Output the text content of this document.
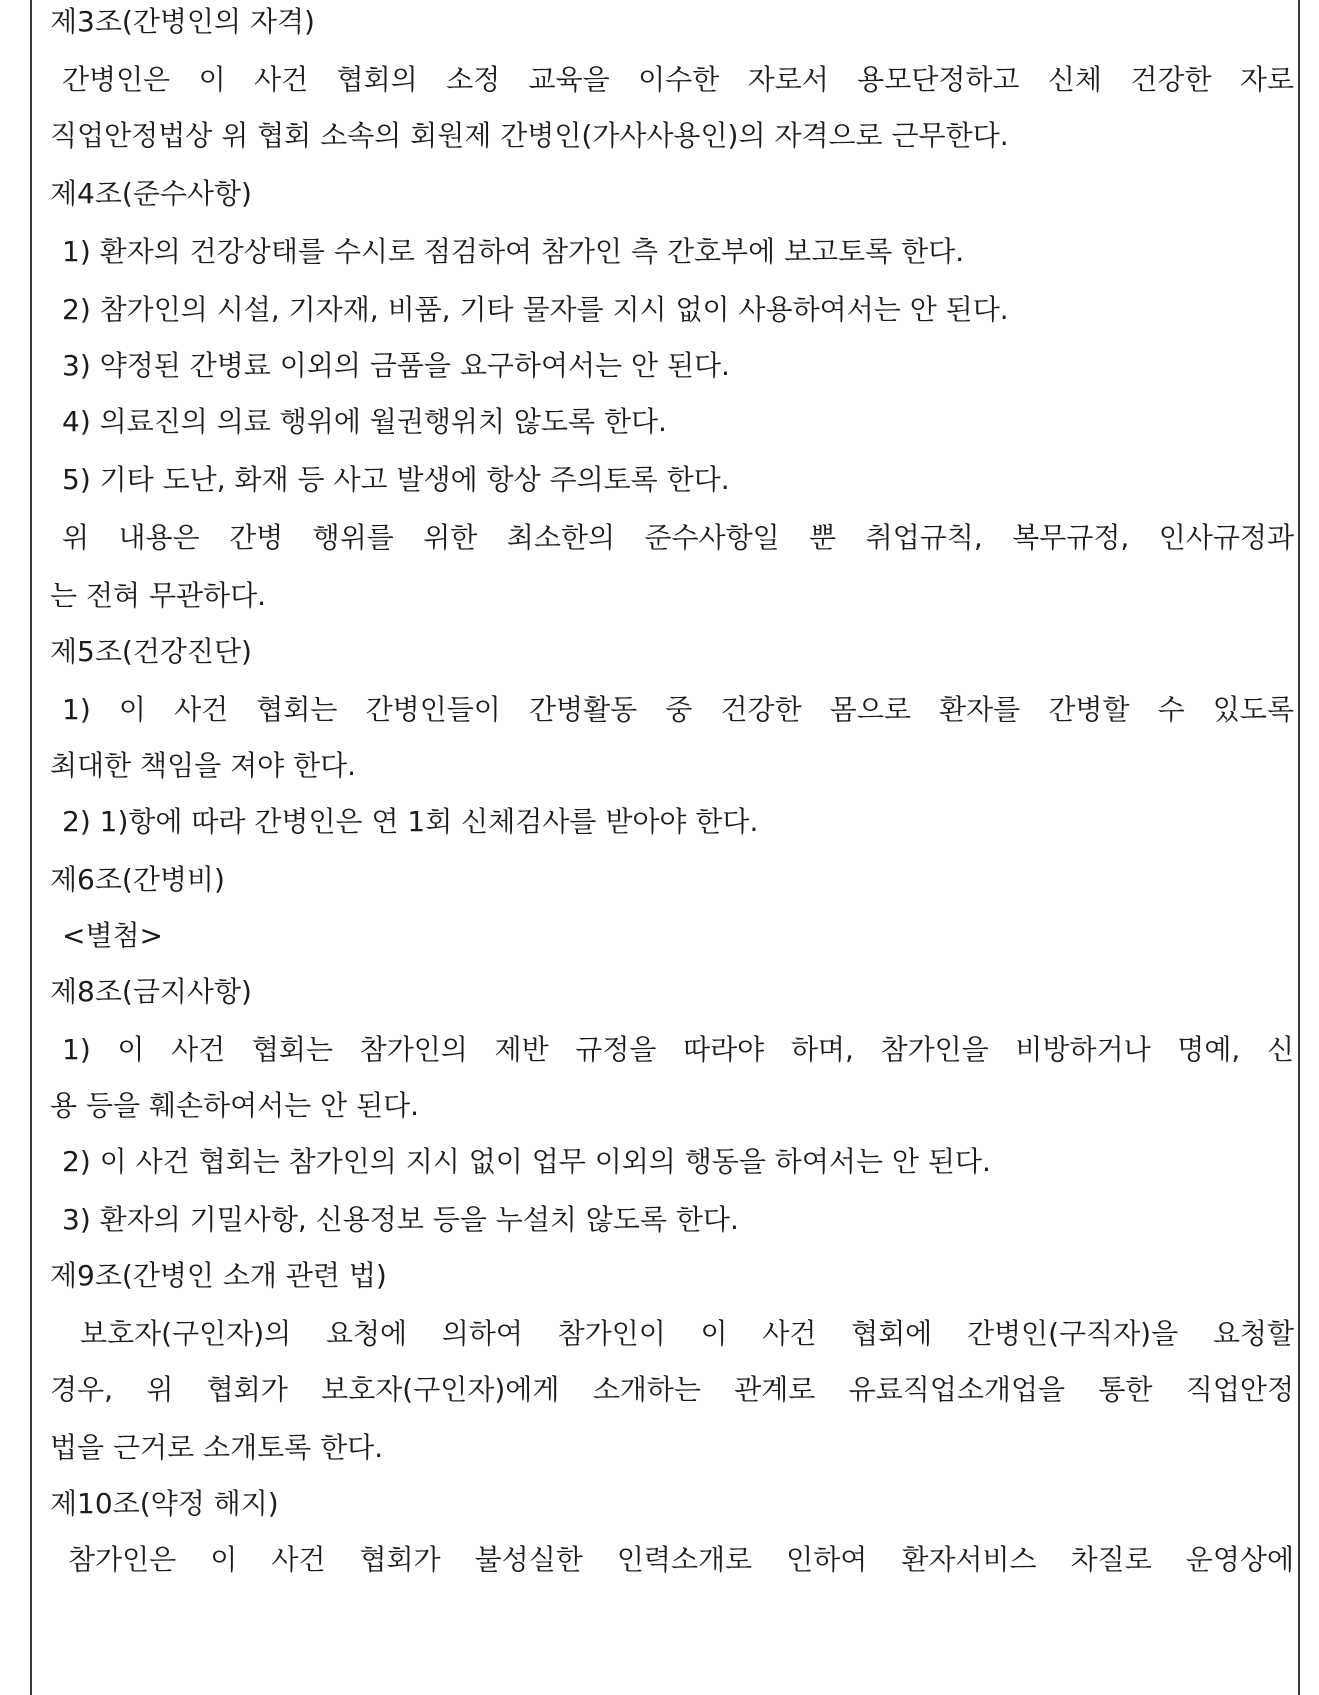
제3조(간병인의 자격)

간병인은 이 사건 협회의 소정 교육을 이수한 자로서 용모단정하고 신체 건강한 자로

직업안정법상 위 협회 소속의 회원제 간병인(가사사용인)의 자격으로 근무한다.

제4조(준수사항)

1) 환자의 건강상태를 수시로 점검하여 참가인 측 간호부에 보고토록 한다.

2) 참가인의 시설, 기자재, 비품, 기타 물자를 지시 없이 사용하여서는 안 된다.

3) 약정된 간병료 이외의 금품을 요구하여서는 안 된다.

4) 의료진의 의료 행위에 월권행위치 않도록 한다.

5) 기타 도난, 화재 등 사고 발생에 항상 주의토록 한다.

위 내용은 간병 행위를 위한 최소한의 준수사항일 뿐 취업규칙, 복무규정, 인사규정과

는 전혀 무관하다.

제5조(건강진단)

1) 이 사건 협회는 간병인들이 간병활동 중 건강한 몸으로 환자를 간병할 수 있도록

최대한 책임을 져야 한다.

2) 1)항에 따라 간병인은 연 1회 신체검사를 받아야 한다.

제6조(간병비)

<별첨>

제8조(금지사항)

1) 이 사건 협회는 참가인의 제반 규정을 따라야 하며, 참가인을 비방하거나 명예, 신

용 등을 훼손하여서는 안 된다.

2) 이 사건 협회는 참가인의 지시 없이 업무 이외의 행동을 하여서는 안 된다.

3) 환자의 기밀사항, 신용정보 등을 누설치 않도록 한다.

제9조(간병인 소개 관련 법)

보호자(구인자)의 요청에 의하여 참가인이 이 사건 협회에 간병인(구직자)을 요청할

경우, 위 협회가 보호자(구인자)에게 소개하는 관계로 유료직업소개업을 통한 직업안정

법을 근거로 소개토록 한다.

제10조(약정 해지)

참가인은 이 사건 협회가 불성실한 인력소개로 인하여 환자서비스 차질로 운영상에
